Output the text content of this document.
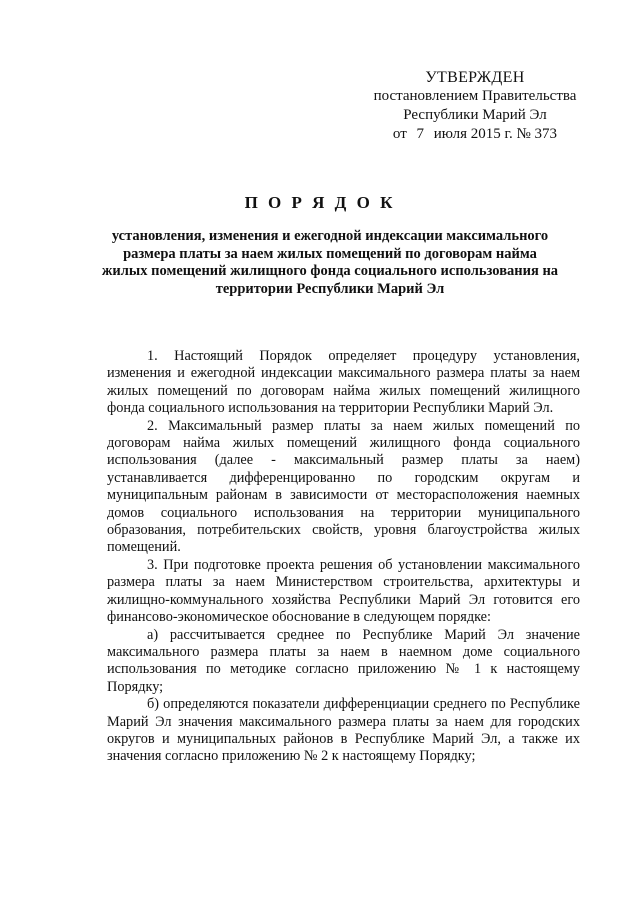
УТВЕРЖДЕН
постановлением Правительства
Республики Марий Эл
от 7 июля 2015 г. № 373
П О Р Я Д О К
установления, изменения и ежегодной индексации максимального размера платы за наем жилых помещений по договорам найма жилых помещений жилищного фонда социального использования на территории Республики Марий Эл

1. Настоящий Порядок определяет процедуру установления, изменения и ежегодной индексации максимального размера платы за наем жилых помещений по договорам найма жилых помещений жилищного фонда социального использования на территории Республики Марий Эл.

2. Максимальный размер платы за наем жилых помещений по договорам найма жилых помещений жилищного фонда социального использования (далее - максимальный размер платы за наем) устанавливается дифференцированно по городским округам и муниципальным районам в зависимости от месторасположения наемных домов социального использования на территории муниципального образования, потребительских свойств, уровня благоустройства жилых помещений.

3. При подготовке проекта решения об установлении максимального размера платы за наем Министерством строительства, архитектуры и жилищно-коммунального хозяйства Республики Марий Эл готовится его финансово-экономическое обоснование в следующем порядке:

а) рассчитывается среднее по Республике Марий Эл значение максимального размера платы за наем в наемном доме социального использования по методике согласно приложению № 1 к настоящему Порядку;

б) определяются показатели дифференциации среднего по Республике Марий Эл значения максимального размера платы за наем для городских округов и муниципальных районов в Республике Марий Эл, а также их значения согласно приложению № 2 к настоящему Порядку;
